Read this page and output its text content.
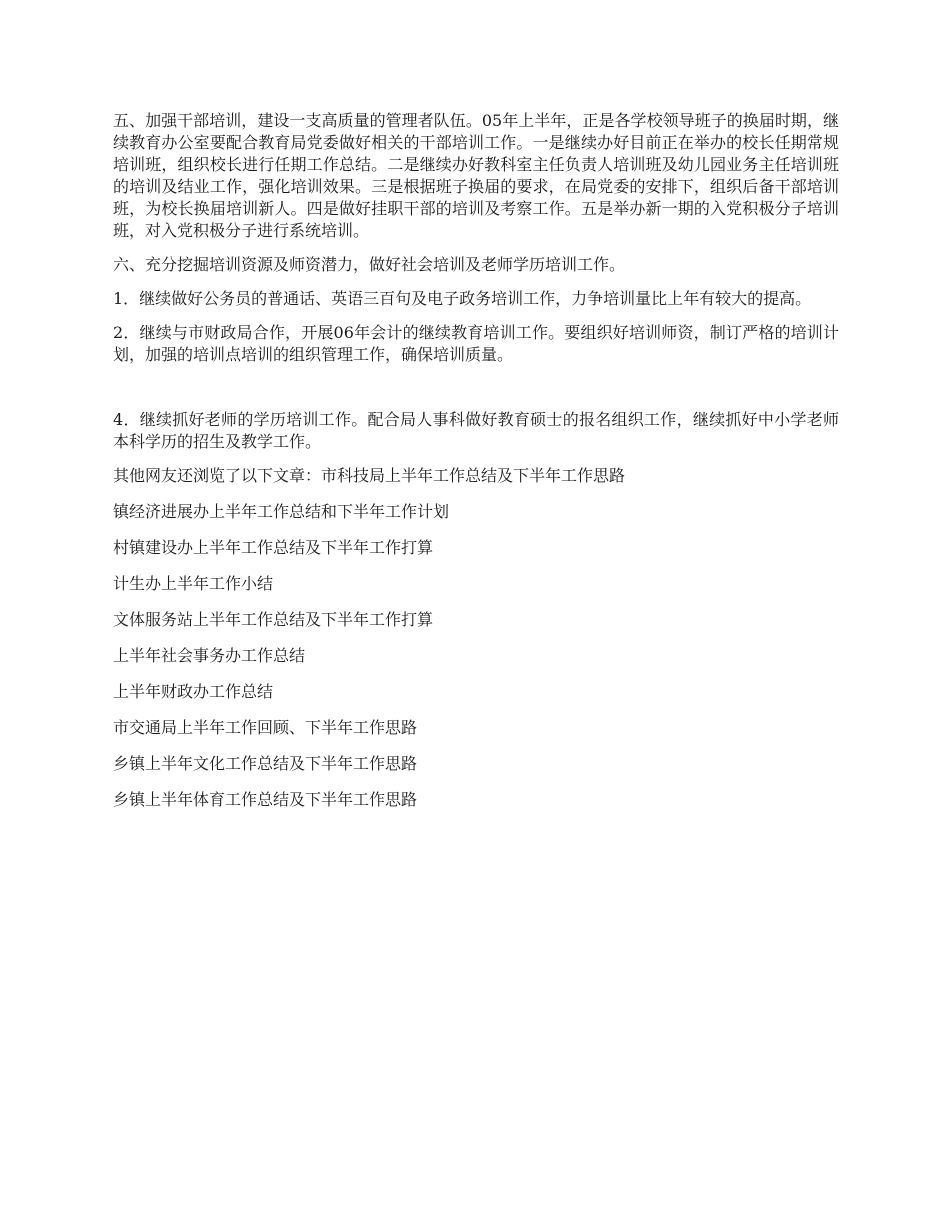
五、加强干部培训，建设一支高质量的管理者队伍。05年上半年，正是各学校领导班子的换届时期，继续教育办公室要配合教育局党委做好相关的干部培训工作。一是继续办好目前正在举办的校长任期常规培训班，组织校长进行任期工作总结。二是继续办好教科室主任负责人培训班及幼儿园业务主任培训班的培训及结业工作，强化培训效果。三是根据班子换届的要求，在局党委的安排下，组织后备干部培训班，为校长换届培训新人。四是做好挂职干部的培训及考察工作。五是举办新一期的入党积极分子培训班，对入党积极分子进行系统培训。

六、充分挖掘培训资源及师资潜力，做好社会培训及老师学历培训工作。

1．继续做好公务员的普通话、英语三百句及电子政务培训工作，力争培训量比上年有较大的提高。

2．继续与市财政局合作，开展06年会计的继续教育培训工作。要组织好培训师资，制订严格的培训计划，加强的培训点培训的组织管理工作，确保培训质量。

4．继续抓好老师的学历培训工作。配合局人事科做好教育硕士的报名组织工作，继续抓好中小学老师本科学历的招生及教学工作。

其他网友还浏览了以下文章：市科技局上半年工作总结及下半年工作思路
镇经济进展办上半年工作总结和下半年工作计划
村镇建设办上半年工作总结及下半年工作打算
计生办上半年工作小结
文体服务站上半年工作总结及下半年工作打算
上半年社会事务办工作总结
上半年财政办工作总结
市交通局上半年工作回顾、下半年工作思路
乡镇上半年文化工作总结及下半年工作思路
乡镇上半年体育工作总结及下半年工作思路
